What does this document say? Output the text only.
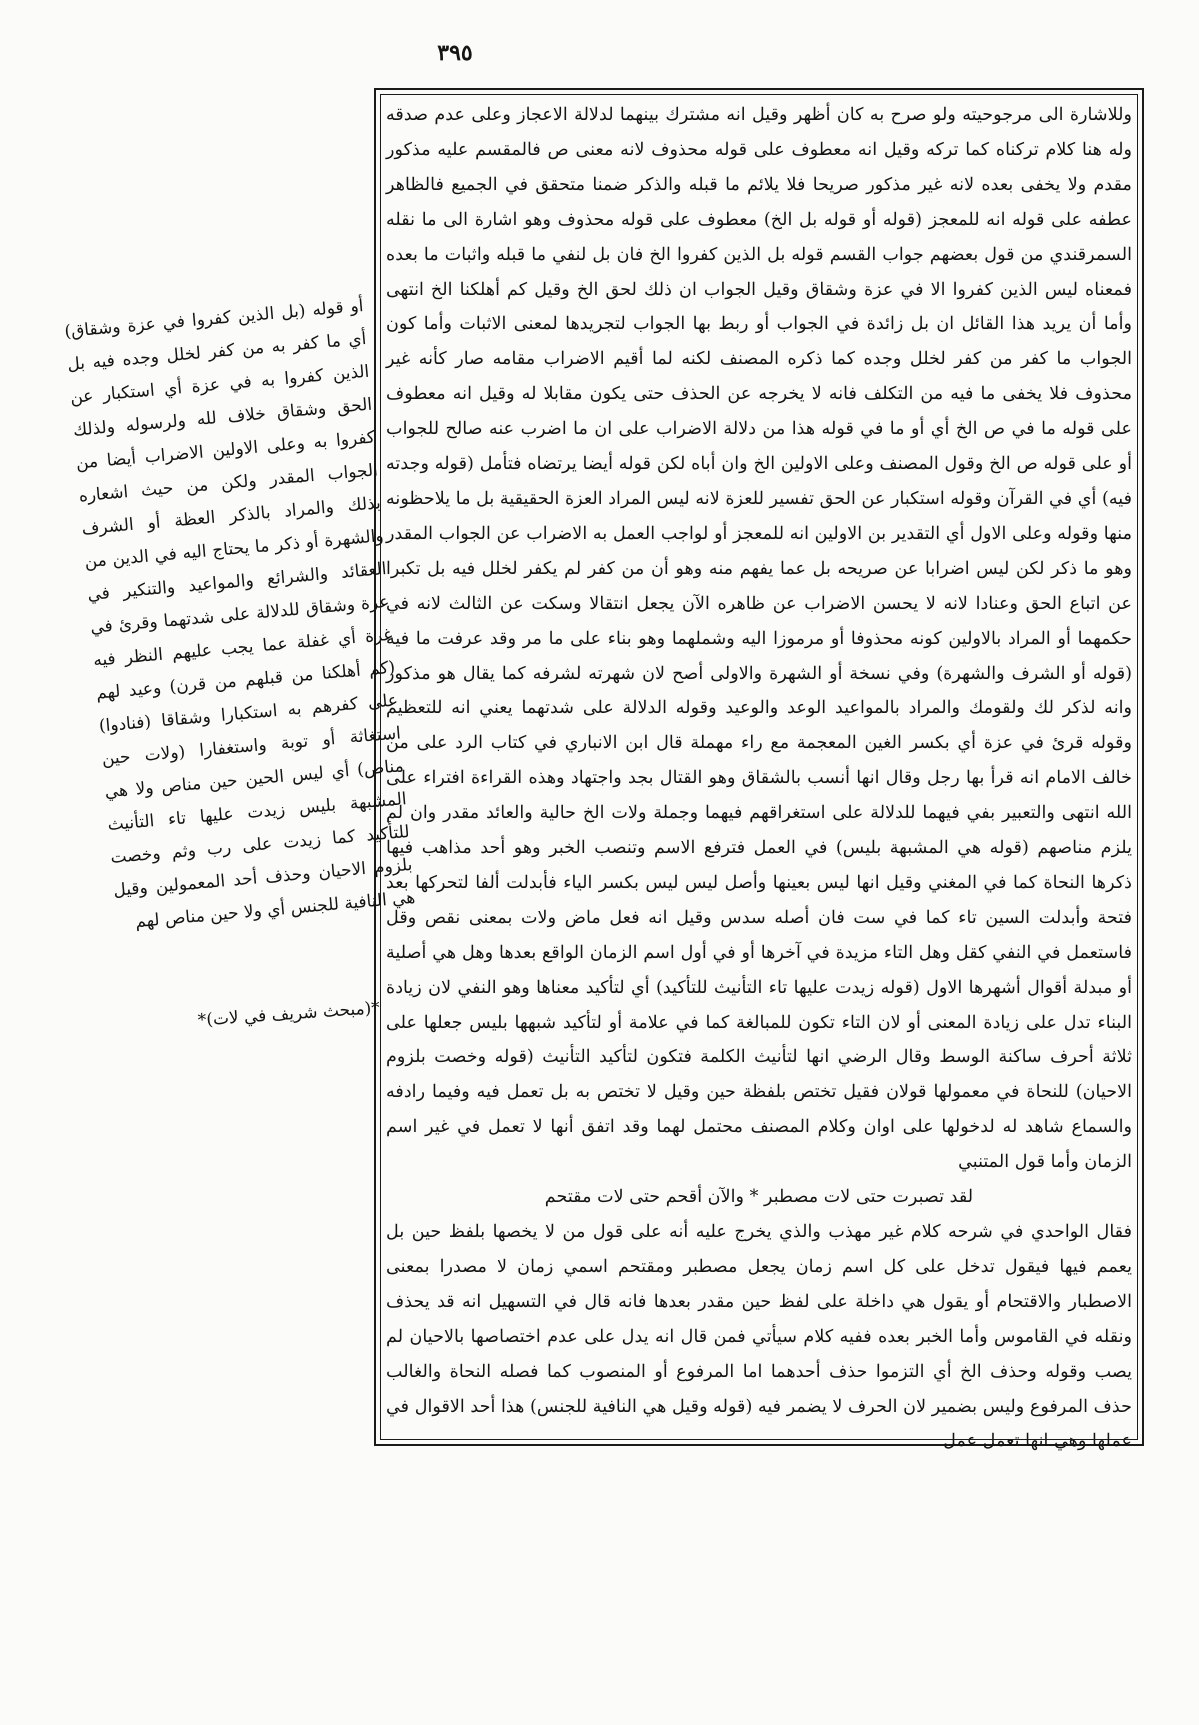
٣٩٥

وللاشارة الى مرجوحيته ولو صرح به كان أظهر وقيل انه مشترك بينهما لدلالة الاعجاز وعلى عدم صدقه وله هنا كلام تركناه كما تركه وقيل انه معطوف على قوله محذوف لانه معنى ص فالمقسم عليه مذكور مقدم ولا يخفى بعده لانه غير مذكور صريحا فلا يلائم ما قبله والذكر ضمنا متحقق في الجميع فالظاهر عطفه على قوله انه للمعجز (قوله أو قوله بل الخ) معطوف على قوله محذوف وهو اشارة الى ما نقله السمرقندي من قول بعضهم جواب القسم قوله بل الذين كفروا الخ فان بل لنفي ما قبله واثبات ما بعده فمعناه ليس الذين كفروا الا في عزة وشقاق وقيل الجواب ان ذلك لحق الخ وقيل كم أهلكنا الخ انتهى وأما أن يريد هذا القائل ان بل زائدة في الجواب أو ربط بها الجواب لتجريدها لمعنى الاثبات وأما كون الجواب ما كفر من كفر لخلل وجده كما ذكره المصنف لكنه لما أقيم الاضراب مقامه صار كأنه غير محذوف فلا يخفى ما فيه من التكلف فانه لا يخرجه عن الحذف حتى يكون مقابلا له وقيل انه معطوف على قوله ما في ص الخ أي أو ما في قوله هذا من دلالة الاضراب على ان ما اضرب عنه صالح للجواب أو على قوله ص الخ وقول المصنف وعلى الاولين الخ وان أباه لكن قوله أيضا يرتضاه فتأمل (قوله وجدته فيه) أي في القرآن وقوله استكبار عن الحق تفسير للعزة لانه ليس المراد العزة الحقيقية بل ما يلاحظونه منها وقوله وعلى الاول أي التقدير بن الاولين انه للمعجز أو لواجب العمل به الاضراب عن الجواب المقدر وهو ما ذكر لكن ليس اضرابا عن صريحه بل عما يفهم منه وهو أن من كفر لم يكفر لخلل فيه بل تكبرا عن اتباع الحق وعنادا لانه لا يحسن الاضراب عن ظاهره الآن يجعل انتقالا وسكت عن الثالث لانه في حكمهما أو المراد بالاولين كونه محذوفا أو مرموزا اليه وشملهما وهو بناء على ما مر وقد عرفت ما فيه (قوله أو الشرف والشهرة) وفي نسخة أو الشهرة والاولى أصح لان شهرته لشرفه كما يقال هو مذكور وانه لذكر لك ولقومك والمراد بالمواعيد الوعد والوعيد وقوله الدلالة على شدتهما يعني انه للتعظيم وقوله قرئ في عزة أي بكسر الغين المعجمة مع راء مهملة قال ابن الانباري في كتاب الرد على من خالف الامام انه قرأ بها رجل وقال انها أنسب بالشقاق وهو القتال بجد واجتهاد وهذه القراءة افتراء على الله انتهى والتعبير بفي فيهما للدلالة على استغراقهم فيهما وجملة ولات الخ حالية والعائد مقدر وان لم يلزم مناصهم (قوله هي المشبهة بليس) في العمل فترفع الاسم وتنصب الخبر وهو أحد مذاهب فيها ذكرها النحاة كما في المغني وقيل انها ليس بعينها وأصل ليس ليس بكسر الياء فأبدلت ألفا لتحركها بعد فتحة وأبدلت السين تاء كما في ست فان أصله سدس وقيل انه فعل ماض ولات بمعنى نقص وقل فاستعمل في النفي كقل وهل التاء مزيدة في آخرها أو في أول اسم الزمان الواقع بعدها وهل هي أصلية أو مبدلة أقوال أشهرها الاول (قوله زيدت عليها تاء التأنيث للتأكيد) أي لتأكيد معناها وهو النفي لان زيادة البناء تدل على زيادة المعنى أو لان التاء تكون للمبالغة كما في علامة أو لتأكيد شبهها بليس جعلها على ثلاثة أحرف ساكنة الوسط وقال الرضي انها لتأنيث الكلمة فتكون لتأكيد التأنيث (قوله وخصت بلزوم الاحيان) للنحاة في معمولها قولان فقيل تختص بلفظة حين وقيل لا تختص به بل تعمل فيه وفيما رادفه والسماع شاهد له لدخولها على اوان وكلام المصنف محتمل لهما وقد اتفق أنها لا تعمل في غير اسم الزمان وأما قول المتنبي

لقد تصبرت حتى لات مصطبر * والآن أقحم حتى لات مقتحم

فقال الواحدي في شرحه كلام غير مهذب والذي يخرج عليه أنه على قول من لا يخصها بلفظ حين بل يعمم فيها فيقول تدخل على كل اسم زمان يجعل مصطبر ومقتحم اسمي زمان لا مصدرا بمعنى الاصطبار والاقتحام أو يقول هي داخلة على لفظ حين مقدر بعدها فانه قال في التسهيل انه قد يحذف ونقله في القاموس وأما الخبر بعده ففيه كلام سيأتي فمن قال انه يدل على عدم اختصاصها بالاحيان لم يصب وقوله وحذف الخ أي التزموا حذف أحدهما اما المرفوع أو المنصوب كما فصله النحاة والغالب حذف المرفوع وليس بضمير لان الحرف لا يضمر فيه (قوله وقيل هي النافية للجنس) هذا أحد الاقوال في عملها وهي انها تعمل عمل

أو قوله (بل الذين كفروا في عزة وشقاق) أي ما كفر به من كفر لخلل وجده فيه بل الذين كفروا به في عزة أي استكبار عن الحق وشقاق خلاف لله ولرسوله ولذلك كفروا به وعلى الاولين الاضراب أيضا من الجواب المقدر ولكن من حيث اشعاره بذلك والمراد بالذكر العظة أو الشرف والشهرة أو ذكر ما يحتاج اليه في الدين من العقائد والشرائع والمواعيد والتنكير في عزة وشقاق للدلالة على شدتهما وقرئ في غرة أي غفلة عما يجب عليهم النظر فيه (كم أهلكنا من قبلهم من قرن) وعيد لهم على كفرهم به استكبارا وشقاقا (فنادوا) استغاثة أو توبة واستغفارا (ولات حين مناص) أي ليس الحين حين مناص ولا هي المشبهة بليس زيدت عليها تاء التأنيث للتأكيد كما زيدت على رب وثم وخصت بلزوم الاحيان وحذف أحد المعمولين وقيل هي النافية للجنس أي ولا حين مناص لهم
*(مبحث شريف في لات)*
